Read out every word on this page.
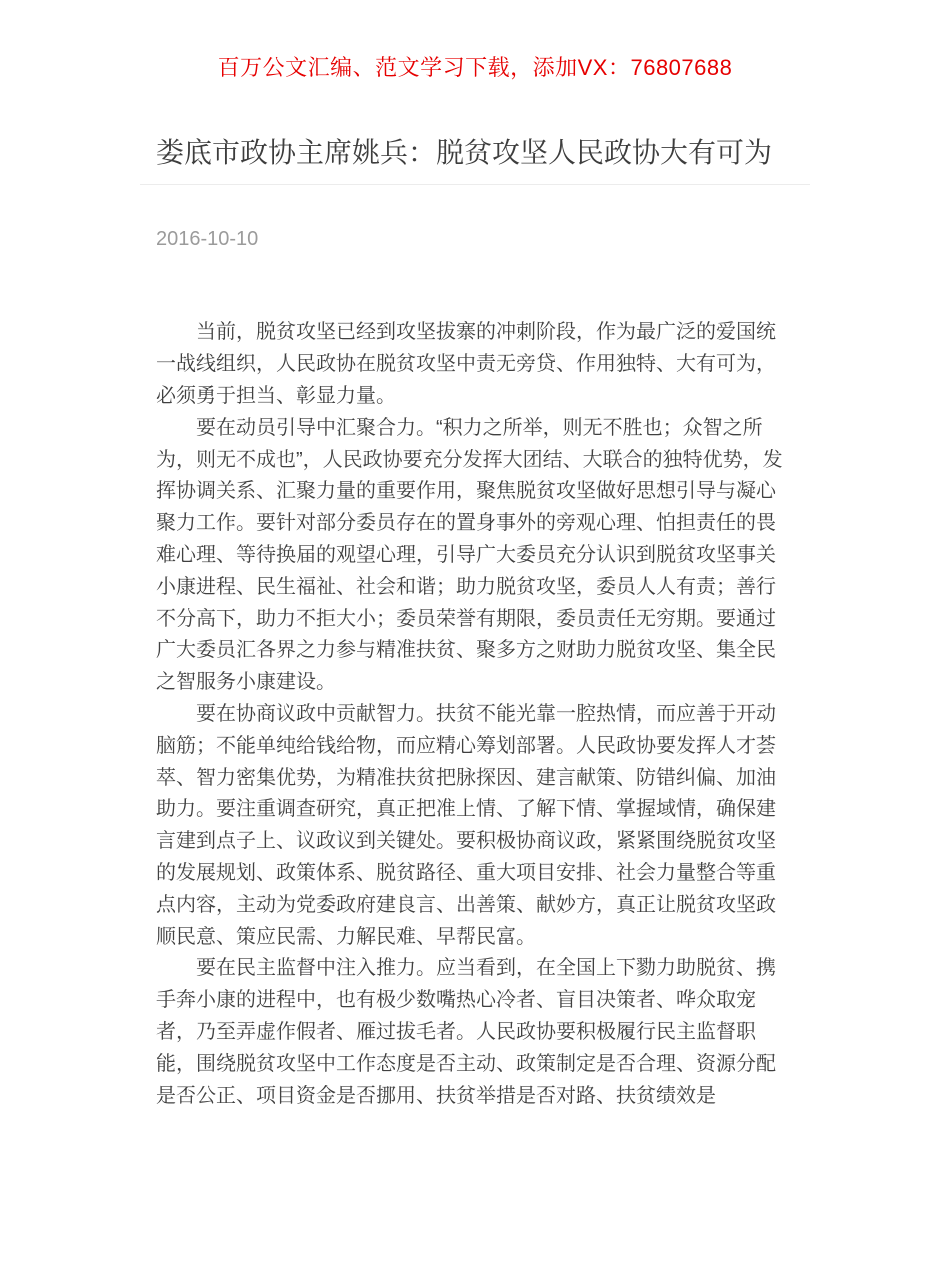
百万公文汇编、范文学习下载，添加VX：76807688
娄底市政协主席姚兵：脱贫攻坚人民政协大有可为
2016-10-10

当前，脱贫攻坚已经到攻坚拔寨的冲刺阶段，作为最广泛的爱国统一战线组织，人民政协在脱贫攻坚中责无旁贷、作用独特、大有可为，必须勇于担当、彰显力量。

要在动员引导中汇聚合力。“积力之所举，则无不胜也；众智之所为，则无不成也”，人民政协要充分发挥大团结、大联合的独特优势，发挥协调关系、汇聚力量的重要作用，聚焦脱贫攻坚做好思想引导与凝心聚力工作。要针对部分委员存在的置身事外的旁观心理、怕担责任的畏难心理、等待换届的观望心理，引导广大委员充分认识到脱贫攻坚事关小康进程、民生福祉、社会和谐；助力脱贫攻坚，委员人人有责；善行不分高下，助力不拒大小；委员荣誉有期限，委员责任无穷期。要通过广大委员汇各界之力参与精准扶贫、聚多方之财助力脱贫攻坚、集全民之智服务小康建设。

要在协商议政中贡献智力。扶贫不能光靠一腔热情，而应善于开动脑筋；不能单纯给钱给物，而应精心筹划部署。人民政协要发挥人才荟萃、智力密集优势，为精准扶贫把脉探因、建言献策、防错纠偏、加油助力。要注重调查研究，真正把准上情、了解下情、掌握域情，确保建言建到点子上、议政议到关键处。要积极协商议政，紧紧围绕脱贫攻坚的发展规划、政策体系、脱贫路径、重大项目安排、社会力量整合等重点内容，主动为党委政府建良言、出善策、献妙方，真正让脱贫攻坚政顺民意、策应民需、力解民难、早帮民富。

要在民主监督中注入推力。应当看到，在全国上下勠力助脱贫、携手奔小康的进程中，也有极少数嘴热心冷者、盲目决策者、哗众取宠者，乃至弄虚作假者、雁过拔毛者。人民政协要积极履行民主监督职能，围绕脱贫攻坚中工作态度是否主动、政策制定是否合理、资源分配是否公正、项目资金是否挪用、扶贫举措是否对路、扶贫绩效是
